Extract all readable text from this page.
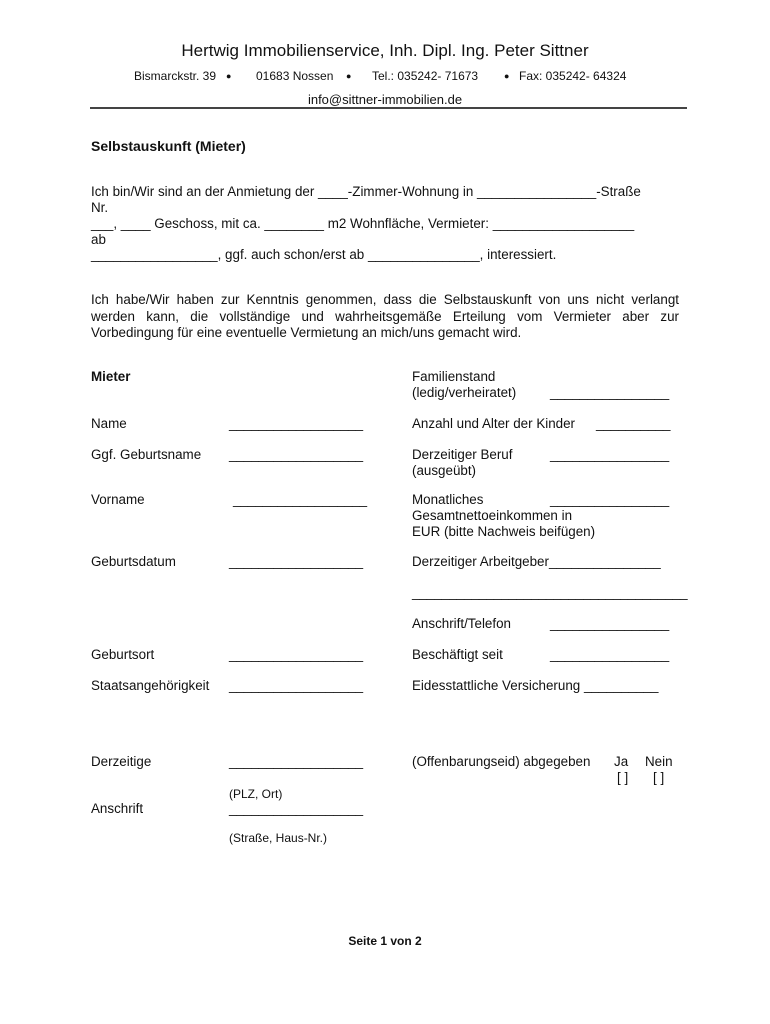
Hertwig Immobilienservice, Inh. Dipl. Ing. Peter Sittner
Bismarckstr. 39 ● 01683 Nossen ● Tel.: 035242- 71673	● Fax: 035242- 64324
info@sittner-immobilien.de
Selbstauskunft (Mieter)
Ich bin/Wir sind an der Anmietung der ____-Zimmer-Wohnung in ________________-Straße
Nr.
___, ____ Geschoss, mit ca. ________ m2 Wohnfläche, Vermieter: ___________________
ab
_________________, ggf. auch schon/erst ab _______________, interessiert.
Ich habe/Wir haben zur Kenntnis genommen, dass die Selbstauskunft von uns nicht verlangt werden kann, die vollständige und wahrheitsgemäße Erteilung vom Vermieter aber zur Vorbedingung für eine eventuelle Vermietung an mich/uns gemacht wird.
Mieter
Name	__________________
Ggf. Geburtsname __________________
Vorname	__________________
Geburtsdatum	__________________
Geburtsort	__________________
Staatsangehörigkeit __________________
Derzeitige	__________________
(PLZ, Ort)
Anschrift	__________________
(Straße, Haus-Nr.)
Familienstand
(ledig/verheiratet)	________________
Anzahl und Alter der Kinder __________
Derzeitiger Beruf
(ausgeübt)
________________
Monatliches
Gesamtnettoeinkommen in
EUR (bitte Nachweis beifügen)
________________
Derzeitiger Arbeitgeber_______________
_____________________________________
Anschrift/Telefon	________________
Beschäftigt seit	________________
Eidesstattliche Versicherung __________
(Offenbarungseid) abgegeben Ja Nein
[ ] [ ]
Seite 1 von 2
